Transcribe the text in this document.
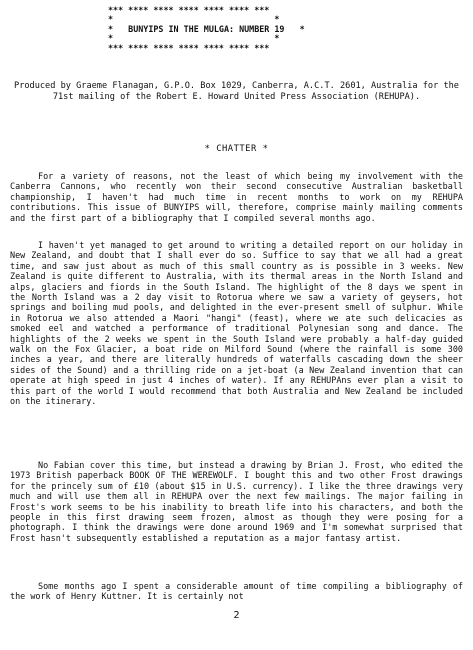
*** **** **** **** **** **** ***
*                                *
*   BUNYIPS IN THE MULGA: NUMBER 19   *
*                                *
*** **** **** **** **** **** ***
Produced by Graeme Flanagan, G.P.O. Box 1029, Canberra, A.C.T. 2601, Australia for the 71st mailing of the Robert E. Howard United Press Association (REHUPA).
* CHATTER *

For a variety of reasons, not the least of which being my involvement with the Canberra Cannons, who recently won their second consecutive Australian basketball championship, I haven't had much time in recent months to work on my REHUPA contributions. This issue of BUNYIPS will, therefore, comprise mainly mailing comments and the first part of a bibliography that I compiled several months ago.

I haven't yet managed to get around to writing a detailed report on our holiday in New Zealand, and doubt that I shall ever do so. Suffice to say that we all had a great time, and saw just about as much of this small country as is possible in 3 weeks. New Zealand is quite different to Australia, with its thermal areas in the North Island and alps, glaciers and fiords in the South Island. The highlight of the 8 days we spent in the North Island was a 2 day visit to Rotorua where we saw a variety of geysers, hot springs and boiling mud pools, and delighted in the ever-present smell of sulphur. While in Rotorua we also attended a Maori "hangi" (feast), where we ate such delicacies as smoked eel and watched a performance of traditional Polynesian song and dance. The highlights of the 2 weeks we spent in the South Island were probably a half-day guided walk on the Fox Glacier, a boat ride on Milford Sound (where the rainfall is some 300 inches a year, and there are literally hundreds of waterfalls cascading down the sheer sides of the Sound) and a thrilling ride on a jet-boat (a New Zealand invention that can operate at high speed in just 4 inches of water). If any REHUPAns ever plan a visit to this part of the world I would recommend that both Australia and New Zealand be included on the itinerary.

No Fabian cover this time, but instead a drawing by Brian J. Frost, who edited the 1973 British paperback BOOK OF THE WEREWOLF. I bought this and two other Frost drawings for the princely sum of £10 (about $15 in U.S. currency). I like the three drawings very much and will use them all in REHUPA over the next few mailings. The major failing in Frost's work seems to be his inability to breath life into his characters, and both the people in this first drawing seem frozen, almost as though they were posing for a photograph. I think the drawings were done around 1969 and I'm somewhat surprised that Frost hasn't subsequently established a reputation as a major fantasy artist.

Some months ago I spent a considerable amount of time compiling a bibliography of the work of Henry Kuttner. It is certainly not

2
